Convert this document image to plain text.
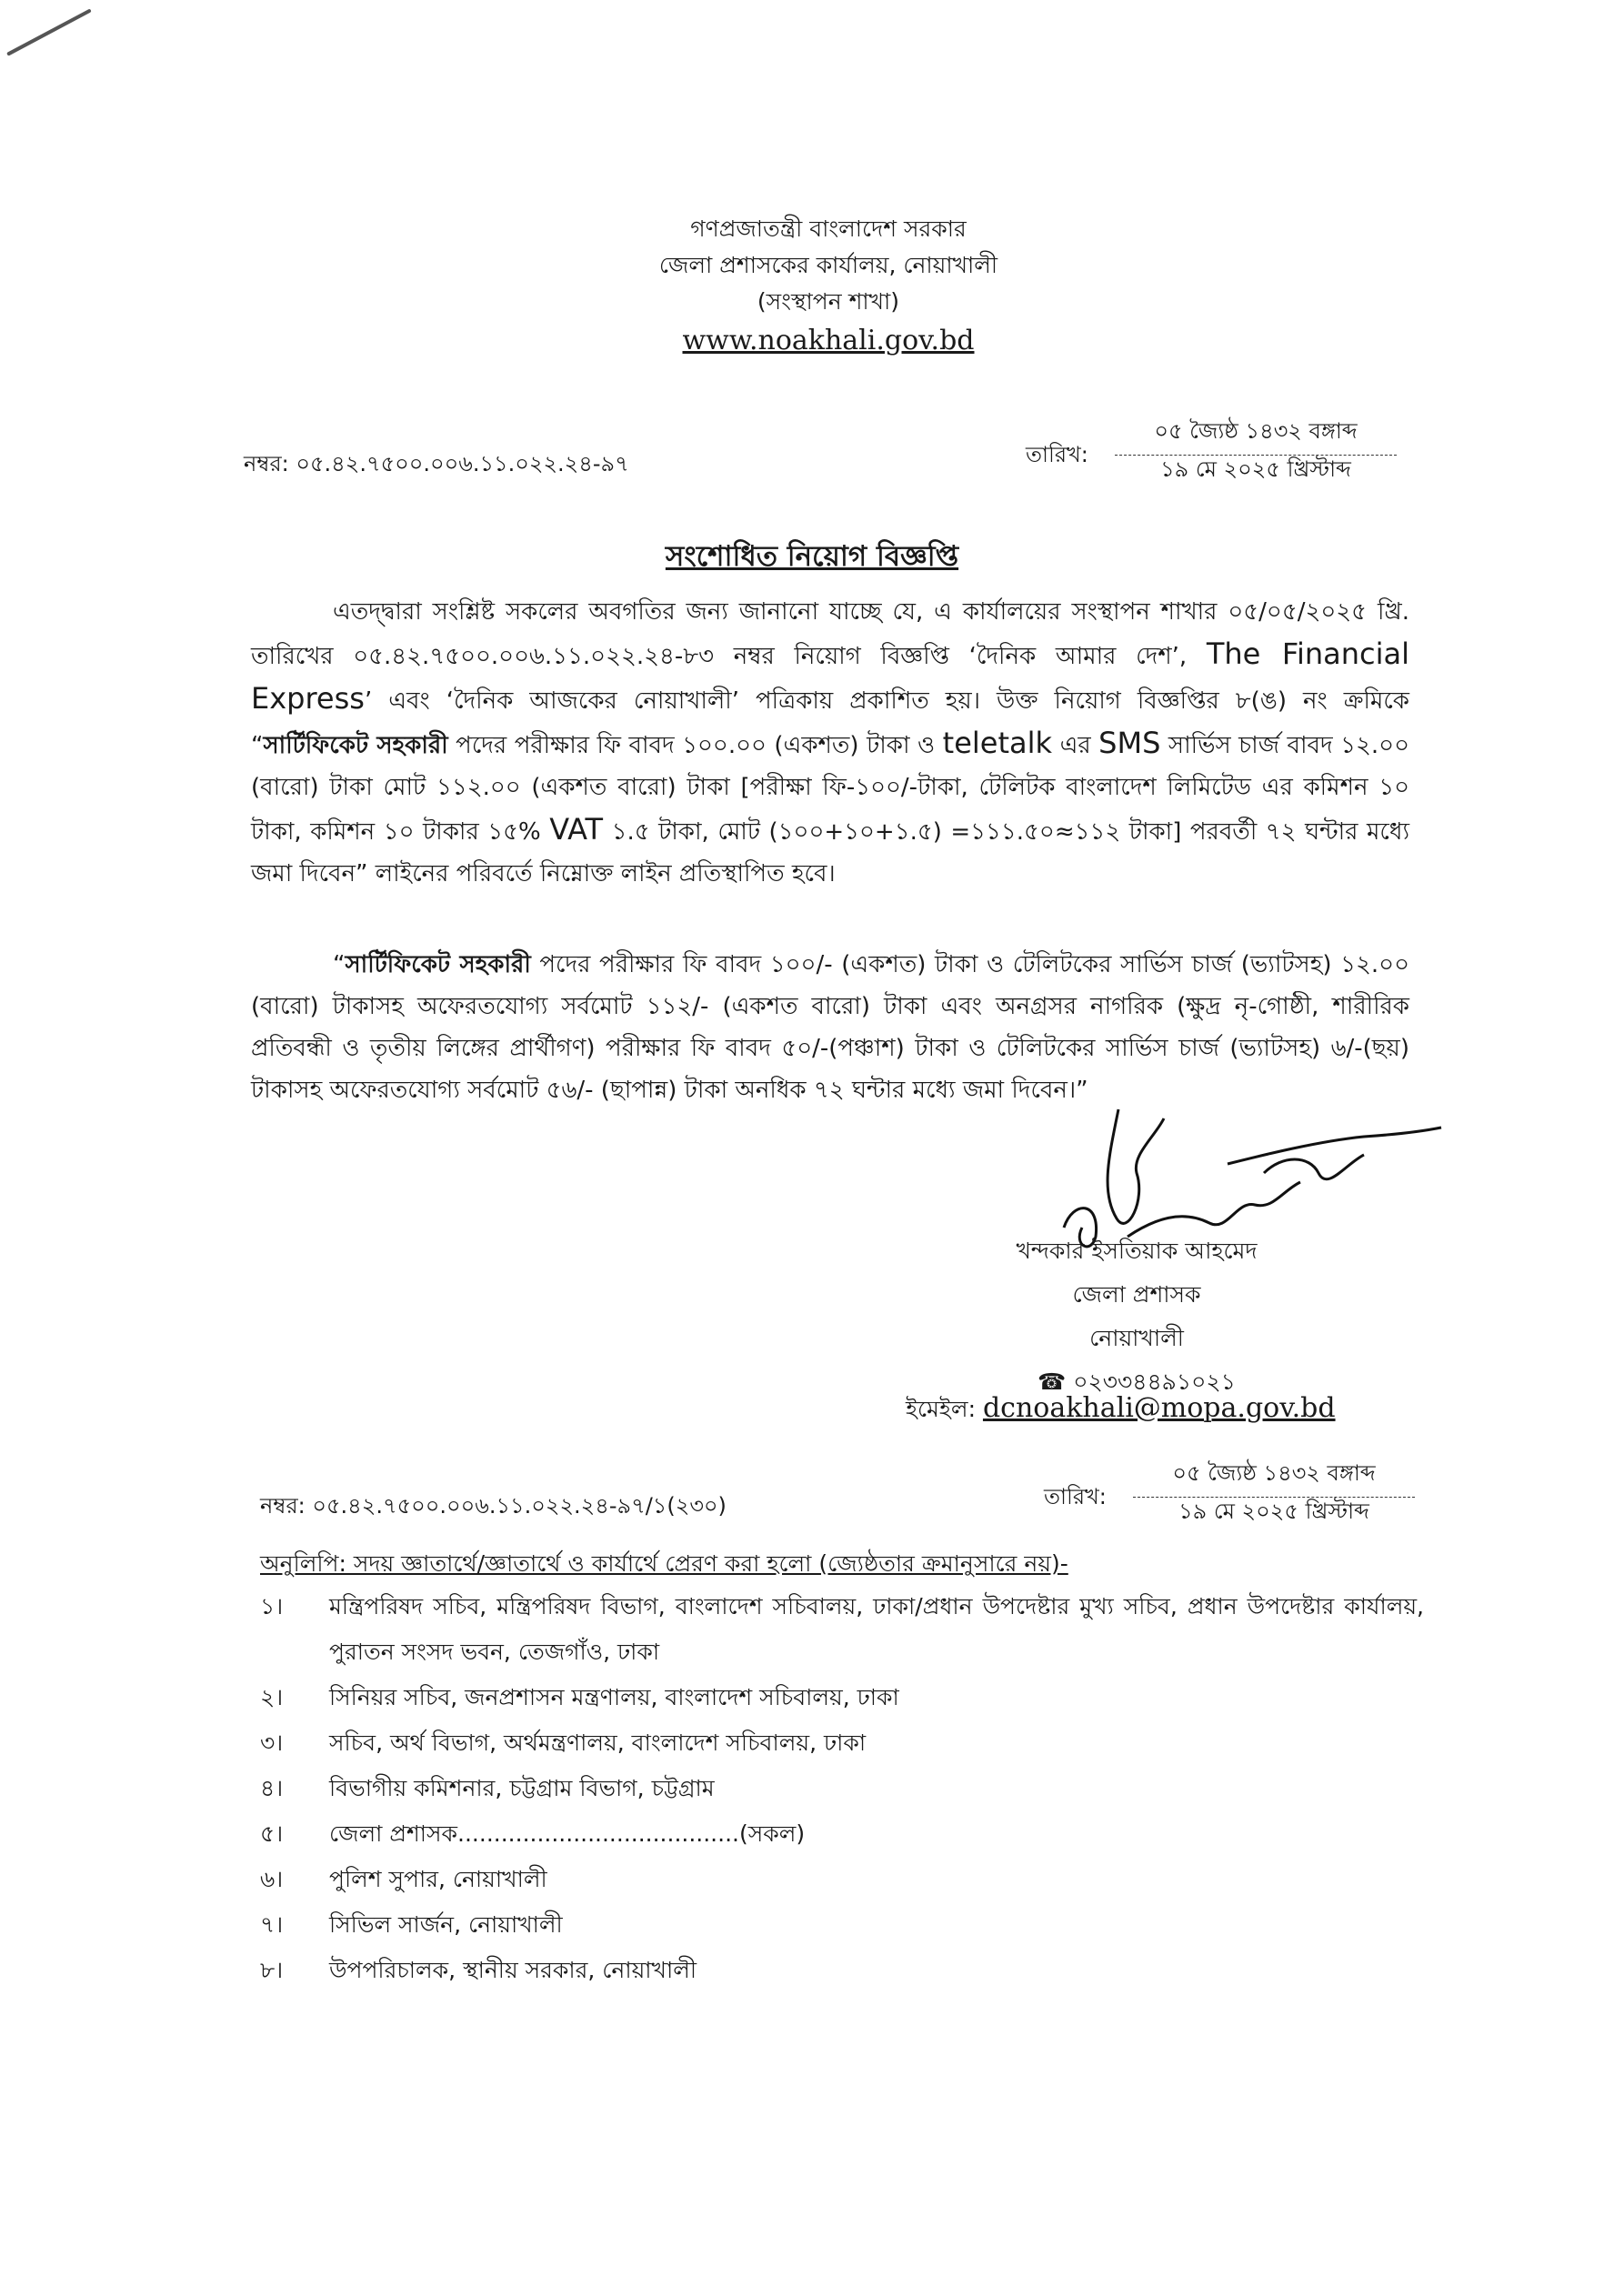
গণপ্রজাতন্ত্রী বাংলাদেশ সরকার
জেলা প্রশাসকের কার্যালয়, নোয়াখালী
(সংস্থাপন শাখা)
www.noakhali.gov.bd
নম্বর: ০৫.৪২.৭৫০০.০০৬.১১.০২২.২৪-৯৭	তারিখ:
০৫ জ্যৈষ্ঠ ১৪৩২ বঙ্গাব্দ
১৯ মে ২০২৫ খ্রিস্টাব্দ
সংশোধিত নিয়োগ বিজ্ঞপ্তি
এতদ্দ্বারা সংশ্লিষ্ট সকলের অবগতির জন্য জানানো যাচ্ছে যে, এ কার্যালয়ের সংস্থাপন শাখার ০৫/০৫/২০২৫ খ্রি. তারিখের ০৫.৪২.৭৫০০.০০৬.১১.০২২.২৪-৮৩ নম্বর নিয়োগ বিজ্ঞপ্তি ‘দৈনিক আমার দেশ’, The Financial Express’ এবং ‘দৈনিক আজকের নোয়াখালী’ পত্রিকায় প্রকাশিত হয়। উক্ত নিয়োগ বিজ্ঞপ্তির ৮(ঙ) নং ক্রমিকে “সার্টিফিকেট সহকারী পদের পরীক্ষার ফি বাবদ ১০০.০০ (একশত) টাকা ও teletalk এর SMS সার্ভিস চার্জ বাবদ ১২.০০ (বারো) টাকা মোট ১১২.০০ (একশত বারো) টাকা [পরীক্ষা ফি-১০০/-টাকা, টেলিটক বাংলাদেশ লিমিটেড এর কমিশন ১০ টাকা, কমিশন ১০ টাকার ১৫% VAT ১.৫ টাকা, মোট (১০০+১০+১.৫) =১১১.৫০≈১১২ টাকা] পরবর্তী ৭২ ঘন্টার মধ্যে জমা দিবেন” লাইনের পরিবর্তে নিম্নোক্ত লাইন প্রতিস্থাপিত হবে।
“সার্টিফিকেট সহকারী পদের পরীক্ষার ফি বাবদ ১০০/- (একশত) টাকা ও টেলিটকের সার্ভিস চার্জ (ভ্যাটসহ) ১২.০০ (বারো) টাকাসহ অফেরতযোগ্য সর্বমোট ১১২/- (একশত বারো) টাকা এবং অনগ্রসর নাগরিক (ক্ষুদ্র নৃ-গোষ্ঠী, শারীরিক প্রতিবন্ধী ও তৃতীয় লিঙ্গের প্রার্থীগণ) পরীক্ষার ফি বাবদ ৫০/-(পঞ্চাশ) টাকা ও টেলিটকের সার্ভিস চার্জ (ভ্যাটসহ) ৬/-(ছয়) টাকাসহ অফেরতযোগ্য সর্বমোট ৫৬/- (ছাপান্ন) টাকা অনধিক ৭২ ঘন্টার মধ্যে জমা দিবেন।”
খন্দকার ইসতিয়াক আহমেদ
জেলা প্রশাসক
নোয়াখালী
☎ ০২৩৩৪৪৯১০২১
ইমেইল: dcnoakhali@mopa.gov.bd
নম্বর: ০৫.৪২.৭৫০০.০০৬.১১.০২২.২৪-৯৭/১(২৩০)	তারিখ:
০৫ জ্যৈষ্ঠ ১৪৩২ বঙ্গাব্দ
১৯ মে ২০২৫ খ্রিস্টাব্দ
অনুলিপি: সদয় জ্ঞাতার্থে/জ্ঞাতার্থে ও কার্যার্থে প্রেরণ করা হলো (জ্যেষ্ঠতার ক্রমানুসারে নয়)-
১।	মন্ত্রিপরিষদ সচিব, মন্ত্রিপরিষদ বিভাগ, বাংলাদেশ সচিবালয়, ঢাকা/প্রধান উপদেষ্টার মুখ্য সচিব, প্রধান উপদেষ্টার কার্যালয়, পুরাতন সংসদ ভবন, তেজগাঁও, ঢাকা
২।	সিনিয়র সচিব, জনপ্রশাসন মন্ত্রণালয়, বাংলাদেশ সচিবালয়, ঢাকা
৩।	সচিব, অর্থ বিভাগ, অর্থমন্ত্রণালয়, বাংলাদেশ সচিবালয়, ঢাকা
৪।	বিভাগীয় কমিশনার, চট্টগ্রাম বিভাগ, চট্টগ্রাম
৫।	জেলা প্রশাসক.......................................(সকল)
৬।	পুলিশ সুপার, নোয়াখালী
৭।	সিভিল সার্জন, নোয়াখালী
৮।	উপপরিচালক, স্থানীয় সরকার, নোয়াখালী
